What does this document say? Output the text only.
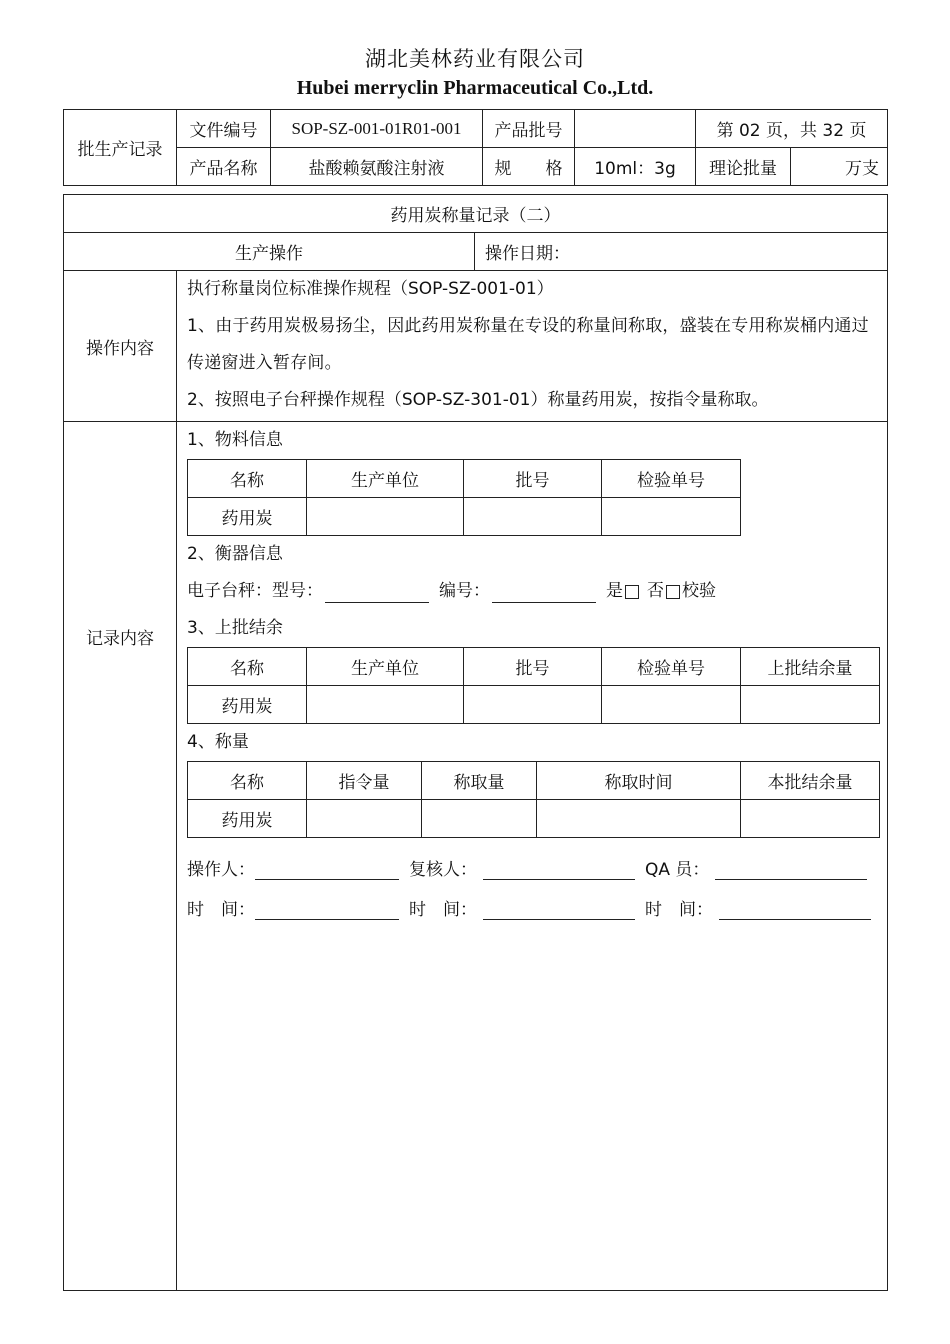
湖北美林药业有限公司
Hubei merryclin Pharmaceutical Co.,Ltd.
批生产记录	文件编号	SOP-SZ-001-01R01-001	产品批号		第 02 页，共 32 页	
	产品名称	盐酸赖氨酸注射液	规　　格	10ml：3g	理论批量	万支
药用炭称量记录（二）
生产操作	操作日期：
操作内容	

执行称量岗位标准操作规程（SOP-SZ-001-01）

1、由于药用炭极易扬尘，因此药用炭称量在专设的称量间称取，盛装在专用称炭桶内通过传递窗进入暂存间。

2、按照电子台秤操作规程（SOP-SZ-301-01）称量药用炭，按指令量称取。

记录内容	
1、物料信息
名称	生产单位	批号	检验单号
药用炭			
2、衡器信息
电子台秤：型号：	编号：	是 否 校验
3、上批结余
名称	生产单位	批号	检验单号	上批结余量
药用炭				
4、称量
名称	指令量	称取量	称取时间	本批结余量
药用炭				
操作人：	复核人：	QA 员：
时　间：	时　间：	时　间：
